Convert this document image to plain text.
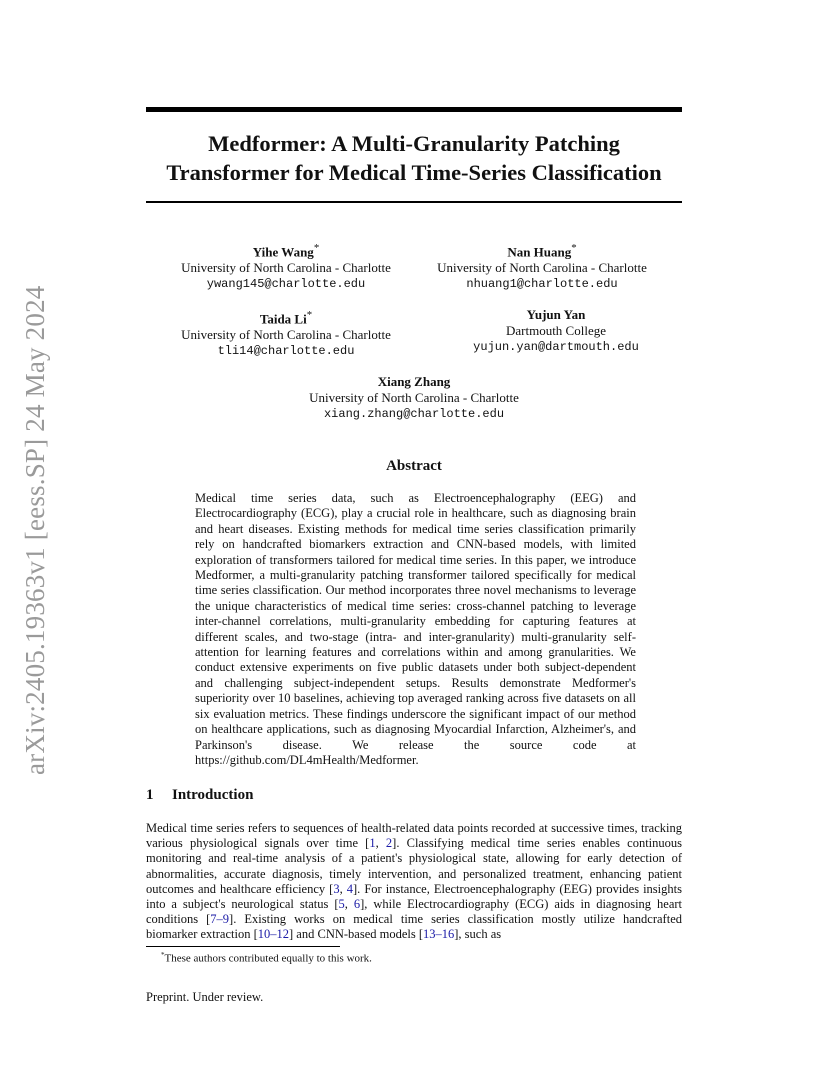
Medformer: A Multi-Granularity Patching
Transformer for Medical Time-Series Classification
arXiv:2405.19363v1 [eess.SP] 24 May 2024
Yihe Wang*
University of North Carolina - Charlotte
ywang145@charlotte.edu
Nan Huang*
University of North Carolina - Charlotte
nhuang1@charlotte.edu
Taida Li*
University of North Carolina - Charlotte
tli14@charlotte.edu
Yujun Yan
Dartmouth College
yujun.yan@dartmouth.edu
Xiang Zhang
University of North Carolina - Charlotte
xiang.zhang@charlotte.edu
Abstract

Medical time series data, such as Electroencephalography (EEG) and Electrocardiography (ECG), play a crucial role in healthcare, such as diagnosing brain and heart diseases. Existing methods for medical time series classification primarily rely on handcrafted biomarkers extraction and CNN-based models, with limited exploration of transformers tailored for medical time series. In this paper, we introduce Medformer, a multi-granularity patching transformer tailored specifically for medical time series classification. Our method incorporates three novel mechanisms to leverage the unique characteristics of medical time series: cross-channel patching to leverage inter-channel correlations, multi-granularity embedding for capturing features at different scales, and two-stage (intra- and inter-granularity) multi-granularity self-attention for learning features and correlations within and among granularities. We conduct extensive experiments on five public datasets under both subject-dependent and challenging subject-independent setups. Results demonstrate Medformer's superiority over 10 baselines, achieving top averaged ranking across five datasets on all six evaluation metrics. These findings underscore the significant impact of our method on healthcare applications, such as diagnosing Myocardial Infarction, Alzheimer's, and Parkinson's disease. We release the source code at https://github.com/DL4mHealth/Medformer.

1 Introduction

Medical time series refers to sequences of health-related data points recorded at successive times, tracking various physiological signals over time [1, 2]. Classifying medical time series enables continuous monitoring and real-time analysis of a patient's physiological state, allowing for early detection of abnormalities, accurate diagnosis, timely intervention, and personalized treatment, enhancing patient outcomes and healthcare efficiency [3, 4]. For instance, Electroencephalography (EEG) provides insights into a subject's neurological status [5, 6], while Electrocardiography (ECG) aids in diagnosing heart conditions [7–9]. Existing works on medical time series classification mostly utilize handcrafted biomarker extraction [10–12] and CNN-based models [13–16], such as

*These authors contributed equally to this work.
Preprint. Under review.
